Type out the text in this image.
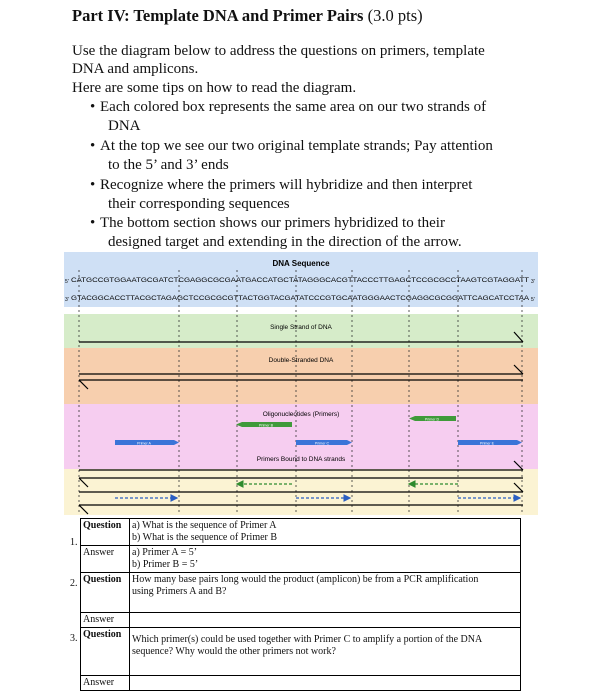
Part IV: Template DNA and Primer Pairs (3.0 pts)
Use the diagram below to address the questions on primers, template
DNA and amplicons.
Here are some tips on how to read the diagram.
• Each colored box represents the same area on our two strands of
DNA
• At the top we see our two original template strands; Pay attention
to the 5’ and 3’ ends
• Recognize where the primers will hybridize and then interpret
their corresponding sequences
• The bottom section shows our primers hybridized to their
designed target and extending in the direction of the arrow.
DNA Sequence
5' CATGCCGTGGAATGCGATCTCGAGGCGCGAATGACCATGCTATAGGGCACGTTACCCTTGAGCTCCGCGCCTAAGTCGTAGGATT 3'
3' GTACGGCACCTTACGCTAGAGCTCCGCGCGTTACTGGTACGATATCCCGTGCAATGGGAACTCGAGGCGCGGATTCAGCATCCTAA 5'
Single Strand of DNA
Double-Stranded DNA
Oligonucleotides (Primers)
Primer B
Primer D
Primer A	Primer C	Primer E
Primers Bound to DNA strands
1.
2.
3.
Question	a) What is the sequence of Primer A
b) What is the sequence of Primer B

Answer	a) Primer A = 5’
b) Primer B = 5’

Question	How many base pairs long would the product (amplicon) be from a PCR amplification
using Primers A and B?

Answer	
Question	Which primer(s) could be used together with Primer C to amplify a portion of the DNA
sequence? Why would the other primers not work?

Answer	
